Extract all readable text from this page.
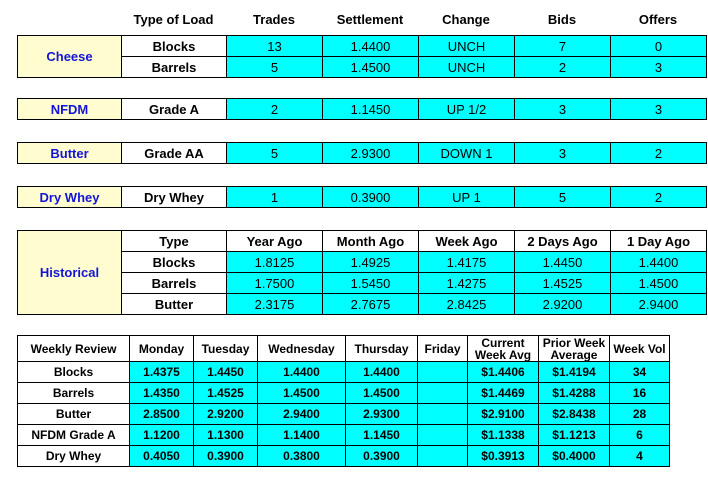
	Type of Load	Trades	Settlement	Change	Bids	Offers
Cheese	Blocks	13	1.4400	UNCH	7	0
	Barrels	5	1.4500	UNCH	2	3
NFDM	Grade A	2	1.1450	UP 1/2	3	3
Butter	Grade AA	5	2.9300	DOWN 1	3	2
Dry Whey	Dry Whey	1	0.3900	UP 1	5	2
Historical	Type	Year Ago	Month Ago	Week Ago	2 Days Ago	1 Day Ago
	Blocks	1.8125	1.4925	1.4175	1.4450	1.4400
	Barrels	1.7500	1.5450	1.4275	1.4525	1.4500
	Butter	2.3175	2.7675	2.8425	2.9200	2.9400
Weekly Review	Monday	Tuesday	Wednesday	Thursday	Friday	Current Week Avg	Prior Week Average	Week Vol
Blocks	1.4375	1.4450	1.4400	1.4400		$1.4406	$1.4194	34
Barrels	1.4350	1.4525	1.4500	1.4500		$1.4469	$1.4288	16
Butter	2.8500	2.9200	2.9400	2.9300		$2.9100	$2.8438	28
NFDM Grade A	1.1200	1.1300	1.1400	1.1450		$1.1338	$1.1213	6
Dry Whey	0.4050	0.3900	0.3800	0.3900		$0.3913	$0.4000	4
